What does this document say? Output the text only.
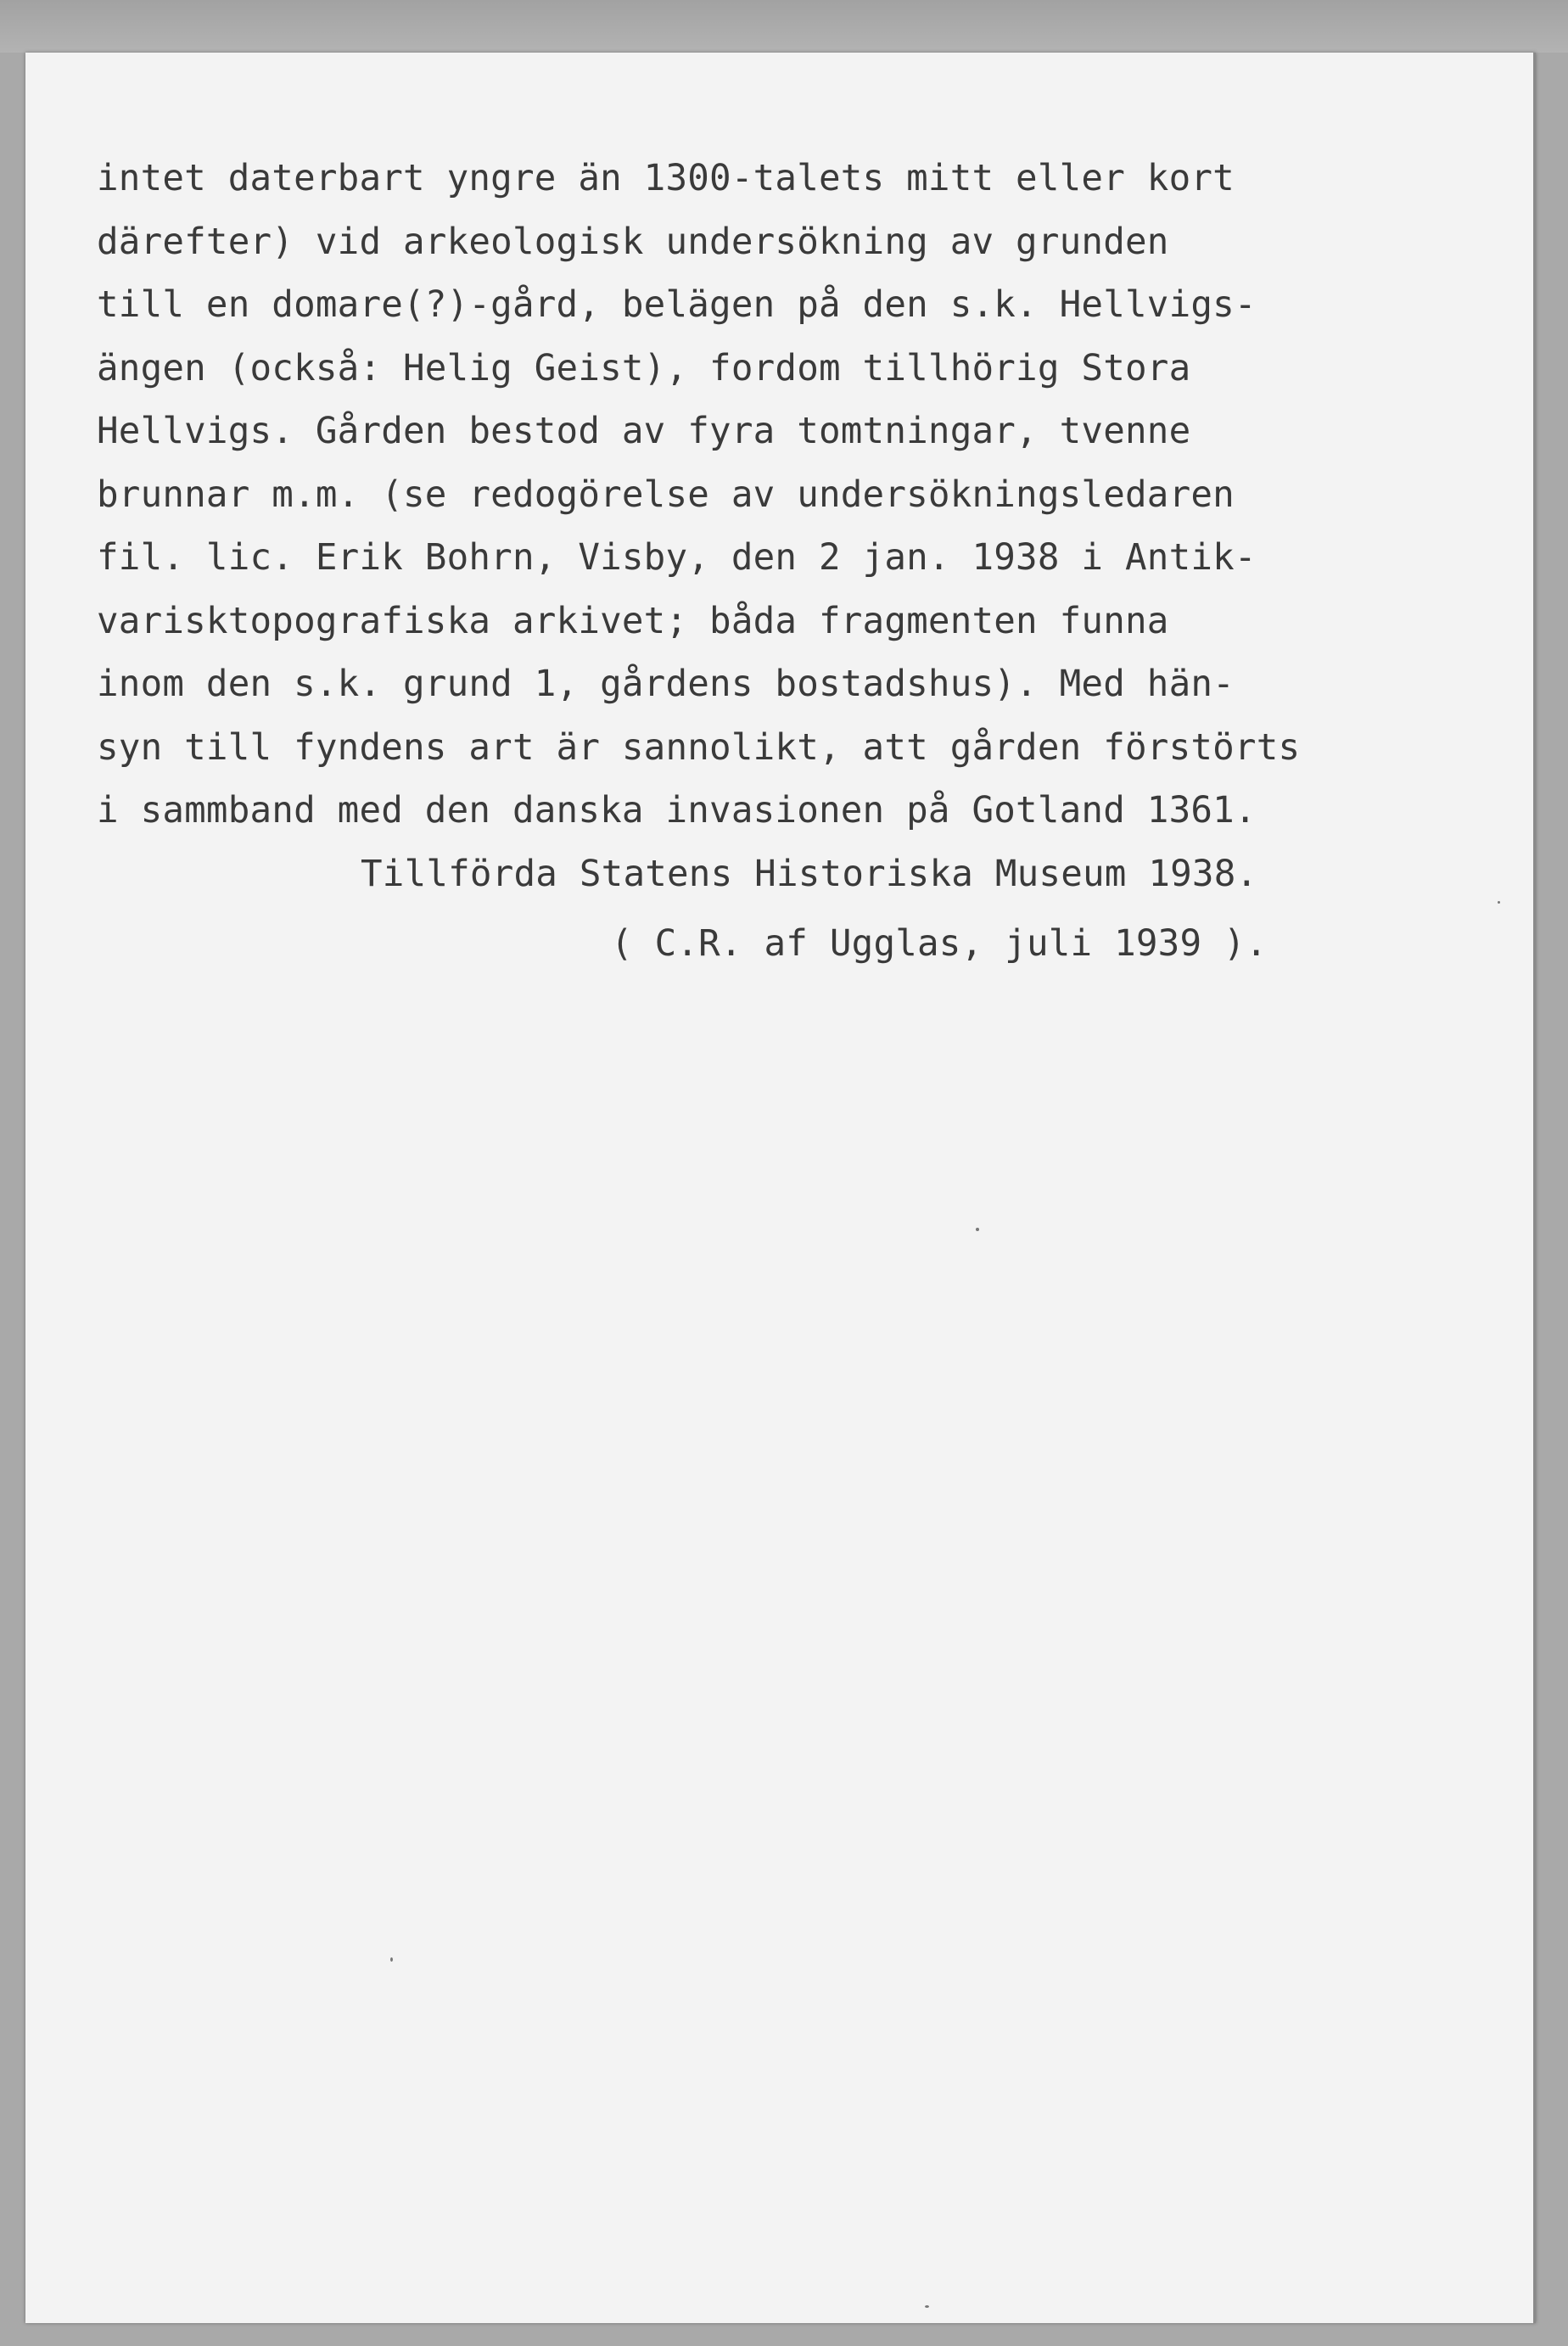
intet daterbart yngre än 1300-talets mitt eller kort
därefter) vid arkeologisk undersökning av grunden
till en domare(?)-gård, belägen på den s.k. Hellvigs-
ängen (också: Helig Geist), fordom tillhörig Stora
Hellvigs. Gården bestod av fyra tomtningar, tvenne
brunnar m.m. (se redogörelse av undersökningsledaren
fil. lic. Erik Bohrn, Visby, den 2 jan. 1938 i Antik-
varisktopografiska arkivet; båda fragmenten funna
inom den s.k. grund 1, gårdens bostadshus). Med hän-
syn till fyndens art är sannolikt, att gården förstörts
i sammband med den danska invasionen på Gotland 1361.
Tillförda Statens Historiska Museum 1938.
( C.R. af Ugglas, juli 1939 ).
